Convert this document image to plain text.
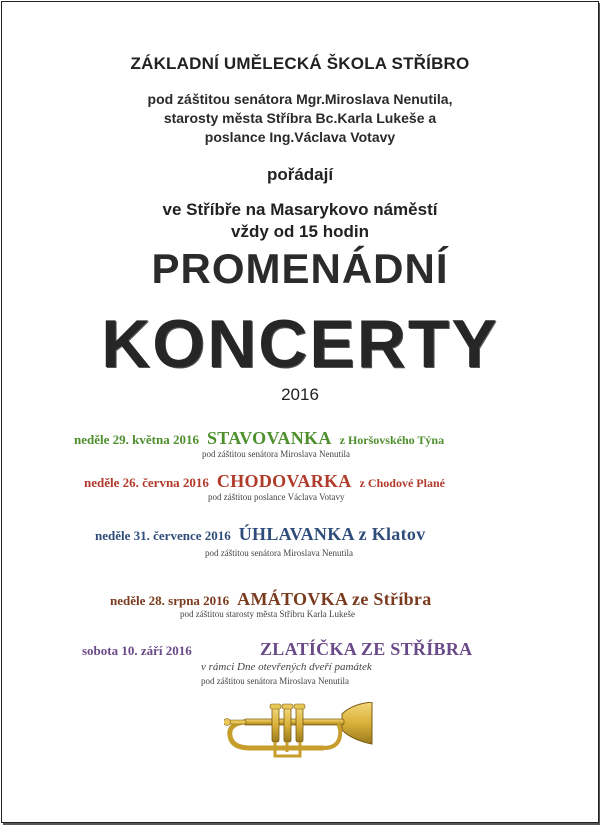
ZÁKLADNÍ UMĚLECKÁ ŠKOLA STŘÍBRO
pod záštitou senátora Mgr.Miroslava Nenutila,
starosty města Stříbra Bc.Karla Lukeše a
poslance Ing.Václava Votavy
pořádají
ve Stříbře na Masarykovo náměstí
vždy od 15 hodin
PROMENÁDNÍ
KONCERTY
2016
neděle 29. května 2016 STAVOVANKA z Horšovského Týna
pod záštitou senátora Miroslava Nenutila
neděle 26. června 2016 CHODOVARKA z Chodové Plané
pod záštitou poslance Václava Votavy
neděle 31. července 2016 ÚHLAVANKA z Klatov
pod záštitou senátora Miroslava Nenutila
neděle 28. srpna 2016 AMÁTOVKA ze Stříbra
pod záštitou starosty města Stříbru Karla Lukeše
sobota 10. září 2016	ZLATÍČKA ZE STŘÍBRA
v rámci Dne otevřených dveří památek
pod záštitou senátora Miroslava Nenutila
